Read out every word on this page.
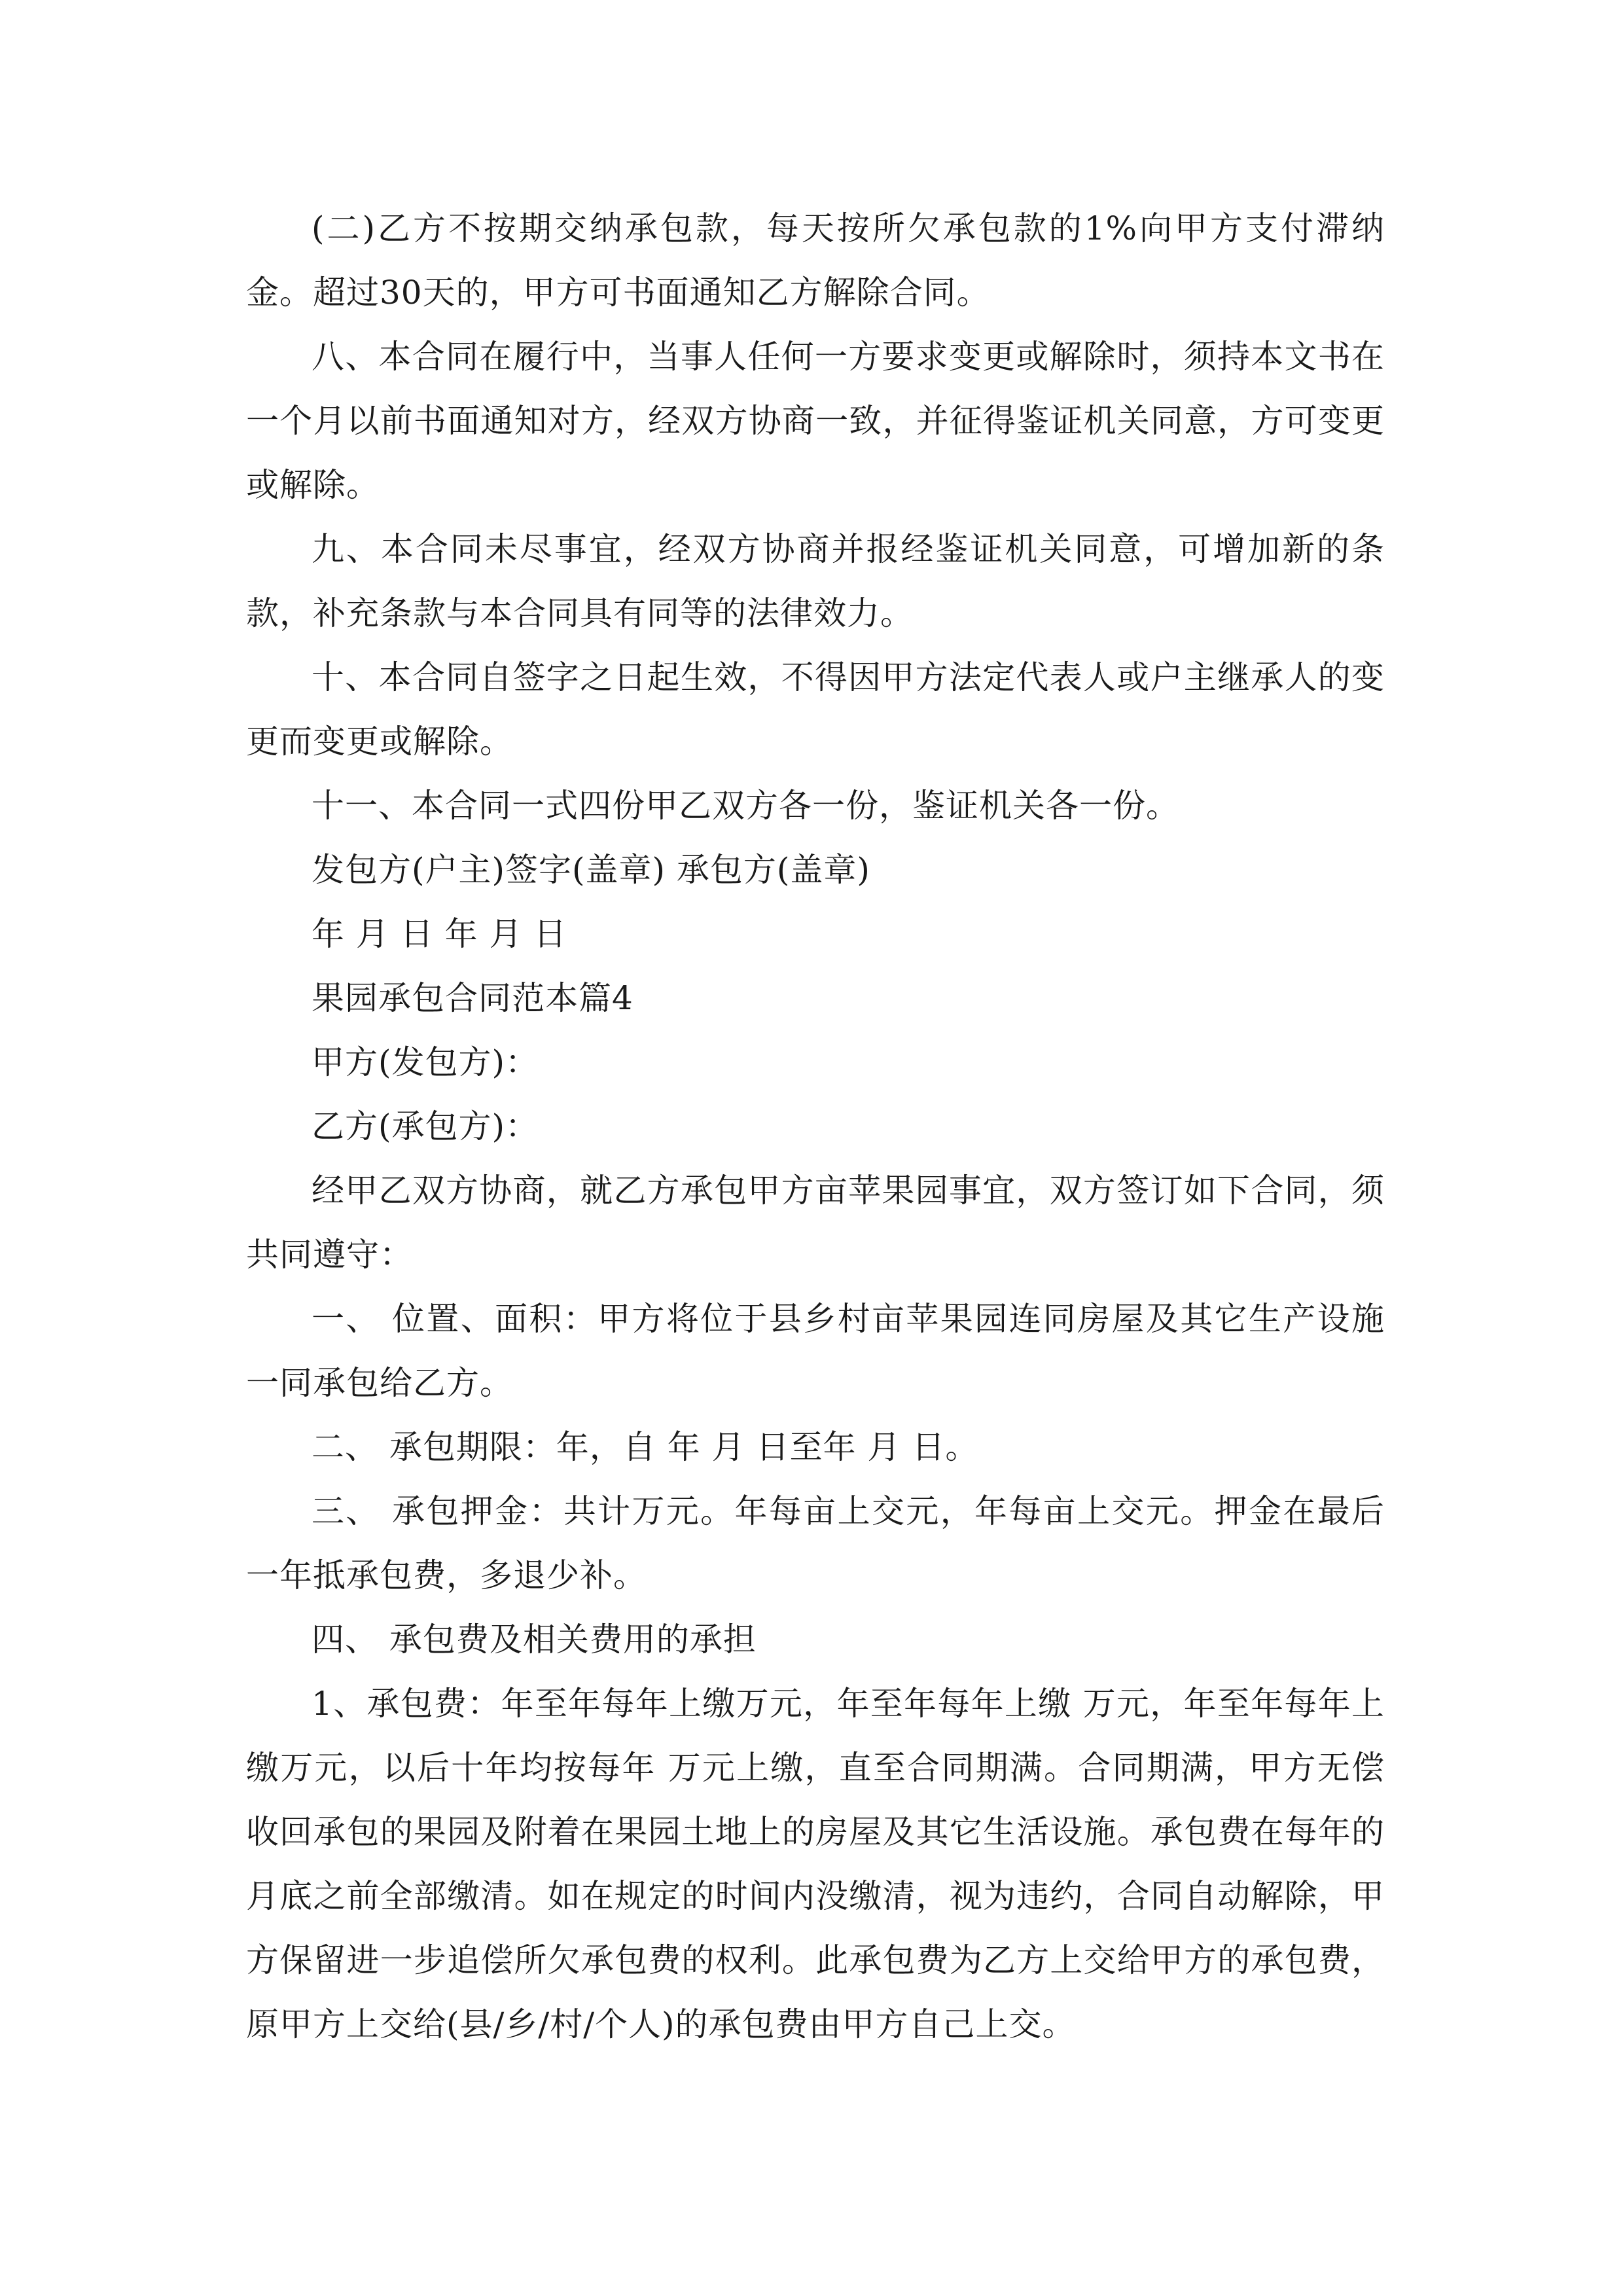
(二)乙方不按期交纳承包款，每天按所欠承包款的1%向甲方支付滞纳金。超过30天的，甲方可书面通知乙方解除合同。

八、本合同在履行中，当事人任何一方要求变更或解除时，须持本文书在一个月以前书面通知对方，经双方协商一致，并征得鉴证机关同意，方可变更或解除。

九、本合同未尽事宜，经双方协商并报经鉴证机关同意，可增加新的条款，补充条款与本合同具有同等的法律效力。

十、本合同自签字之日起生效，不得因甲方法定代表人或户主继承人的变更而变更或解除。

十一、本合同一式四份甲乙双方各一份，鉴证机关各一份。

发包方(户主)签字(盖章) 承包方(盖章)

年 月 日 年 月 日

果园承包合同范本篇4

甲方(发包方)：

乙方(承包方)：

经甲乙双方协商，就乙方承包甲方亩苹果园事宜，双方签订如下合同，须共同遵守：

一、 位置、面积：甲方将位于县乡村亩苹果园连同房屋及其它生产设施一同承包给乙方。

二、 承包期限：年，自 年 月 日至年 月 日。

三、 承包押金：共计万元。年每亩上交元，年每亩上交元。押金在最后一年抵承包费，多退少补。

四、 承包费及相关费用的承担

1、承包费：年至年每年上缴万元，年至年每年上缴 万元，年至年每年上缴万元，以后十年均按每年 万元上缴，直至合同期满。合同期满，甲方无偿收回承包的果园及附着在果园土地上的房屋及其它生活设施。承包费在每年的 月底之前全部缴清。如在规定的时间内没缴清，视为违约，合同自动解除，甲方保留进一步追偿所欠承包费的权利。此承包费为乙方上交给甲方的承包费，原甲方上交给(县/乡/村/个人)的承包费由甲方自己上交。
